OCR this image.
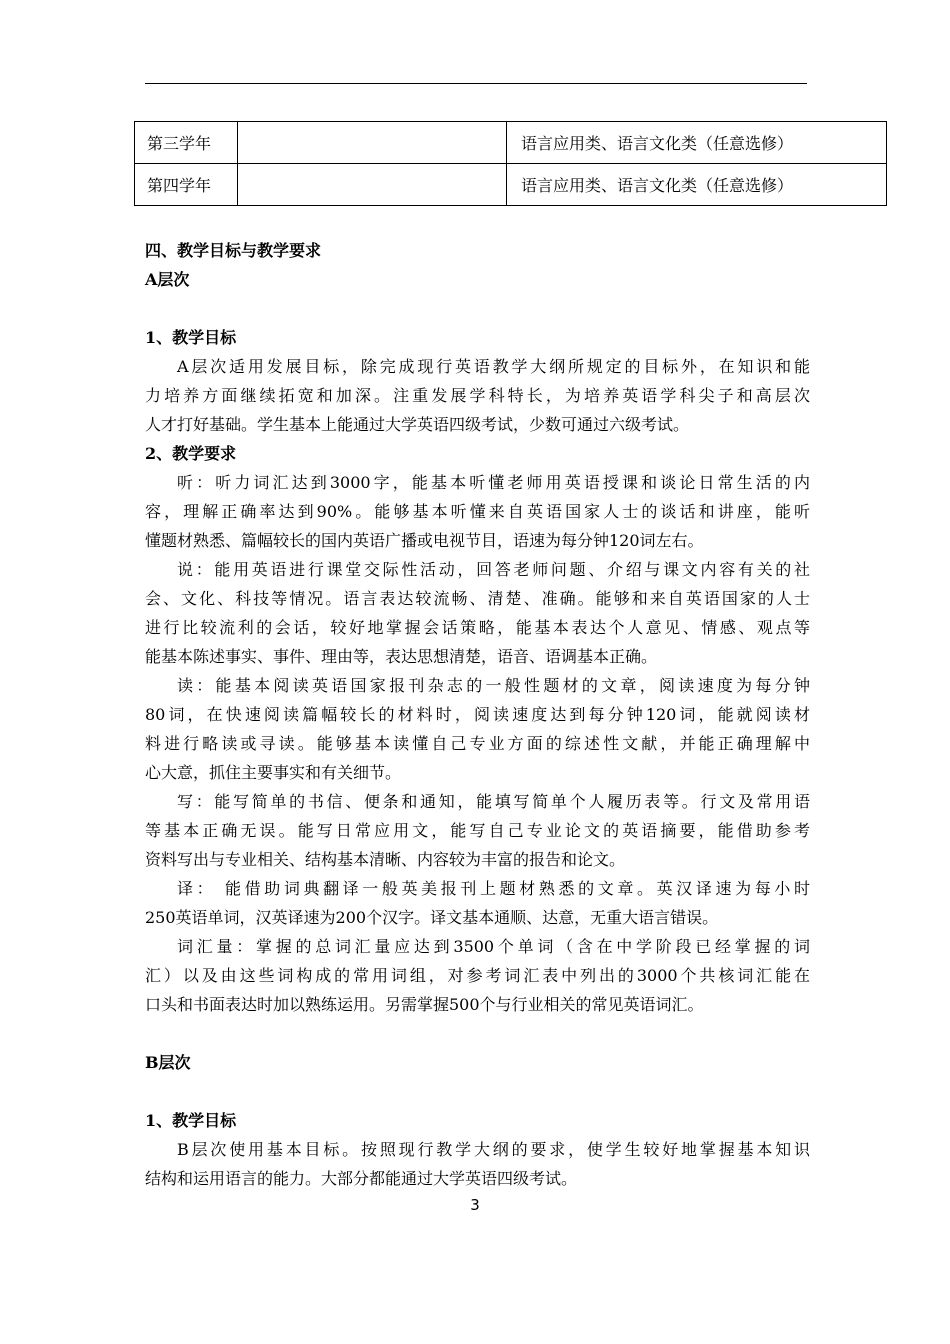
第三学年		语言应用类、语言文化类（任意选修）
第四学年		语言应用类、语言文化类（任意选修）
四、教学目标与教学要求
A层次
1、教学目标
A层次适用发展目标，除完成现行英语教学大纲所规定的目标外，在知识和能
力培养方面继续拓宽和加深。注重发展学科特长，为培养英语学科尖子和高层次
人才打好基础。学生基本上能通过大学英语四级考试，少数可通过六级考试。
2、教学要求
听：听力词汇达到3000字，能基本听懂老师用英语授课和谈论日常生活的内
容，理解正确率达到90%。能够基本听懂来自英语国家人士的谈话和讲座，能听
懂题材熟悉、篇幅较长的国内英语广播或电视节目，语速为每分钟120词左右。
说：能用英语进行课堂交际性活动，回答老师问题、介绍与课文内容有关的社
会、文化、科技等情况。语言表达较流畅、清楚、准确。能够和来自英语国家的人士
进行比较流利的会话，较好地掌握会话策略，能基本表达个人意见、情感、观点等
能基本陈述事实、事件、理由等，表达思想清楚，语音、语调基本正确。
读：能基本阅读英语国家报刊杂志的一般性题材的文章，阅读速度为每分钟
80词，在快速阅读篇幅较长的材料时，阅读速度达到每分钟120词，能就阅读材
料进行略读或寻读。能够基本读懂自己专业方面的综述性文献，并能正确理解中
心大意，抓住主要事实和有关细节。
写：能写简单的书信、便条和通知，能填写简单个人履历表等。行文及常用语
等基本正确无误。能写日常应用文，能写自己专业论文的英语摘要，能借助参考
资料写出与专业相关、结构基本清晰、内容较为丰富的报告和论文。
译： 能借助词典翻译一般英美报刊上题材熟悉的文章。英汉译速为每小时
250英语单词，汉英译速为200个汉字。译文基本通顺、达意，无重大语言错误。
词汇量：掌握的总词汇量应达到3500个单词（含在中学阶段已经掌握的词
汇）以及由这些词构成的常用词组，对参考词汇表中列出的3000个共核词汇能在
口头和书面表达时加以熟练运用。另需掌握500个与行业相关的常见英语词汇。
B层次
1、教学目标
B层次使用基本目标。按照现行教学大纲的要求，使学生较好地掌握基本知识
结构和运用语言的能力。大部分都能通过大学英语四级考试。
3
